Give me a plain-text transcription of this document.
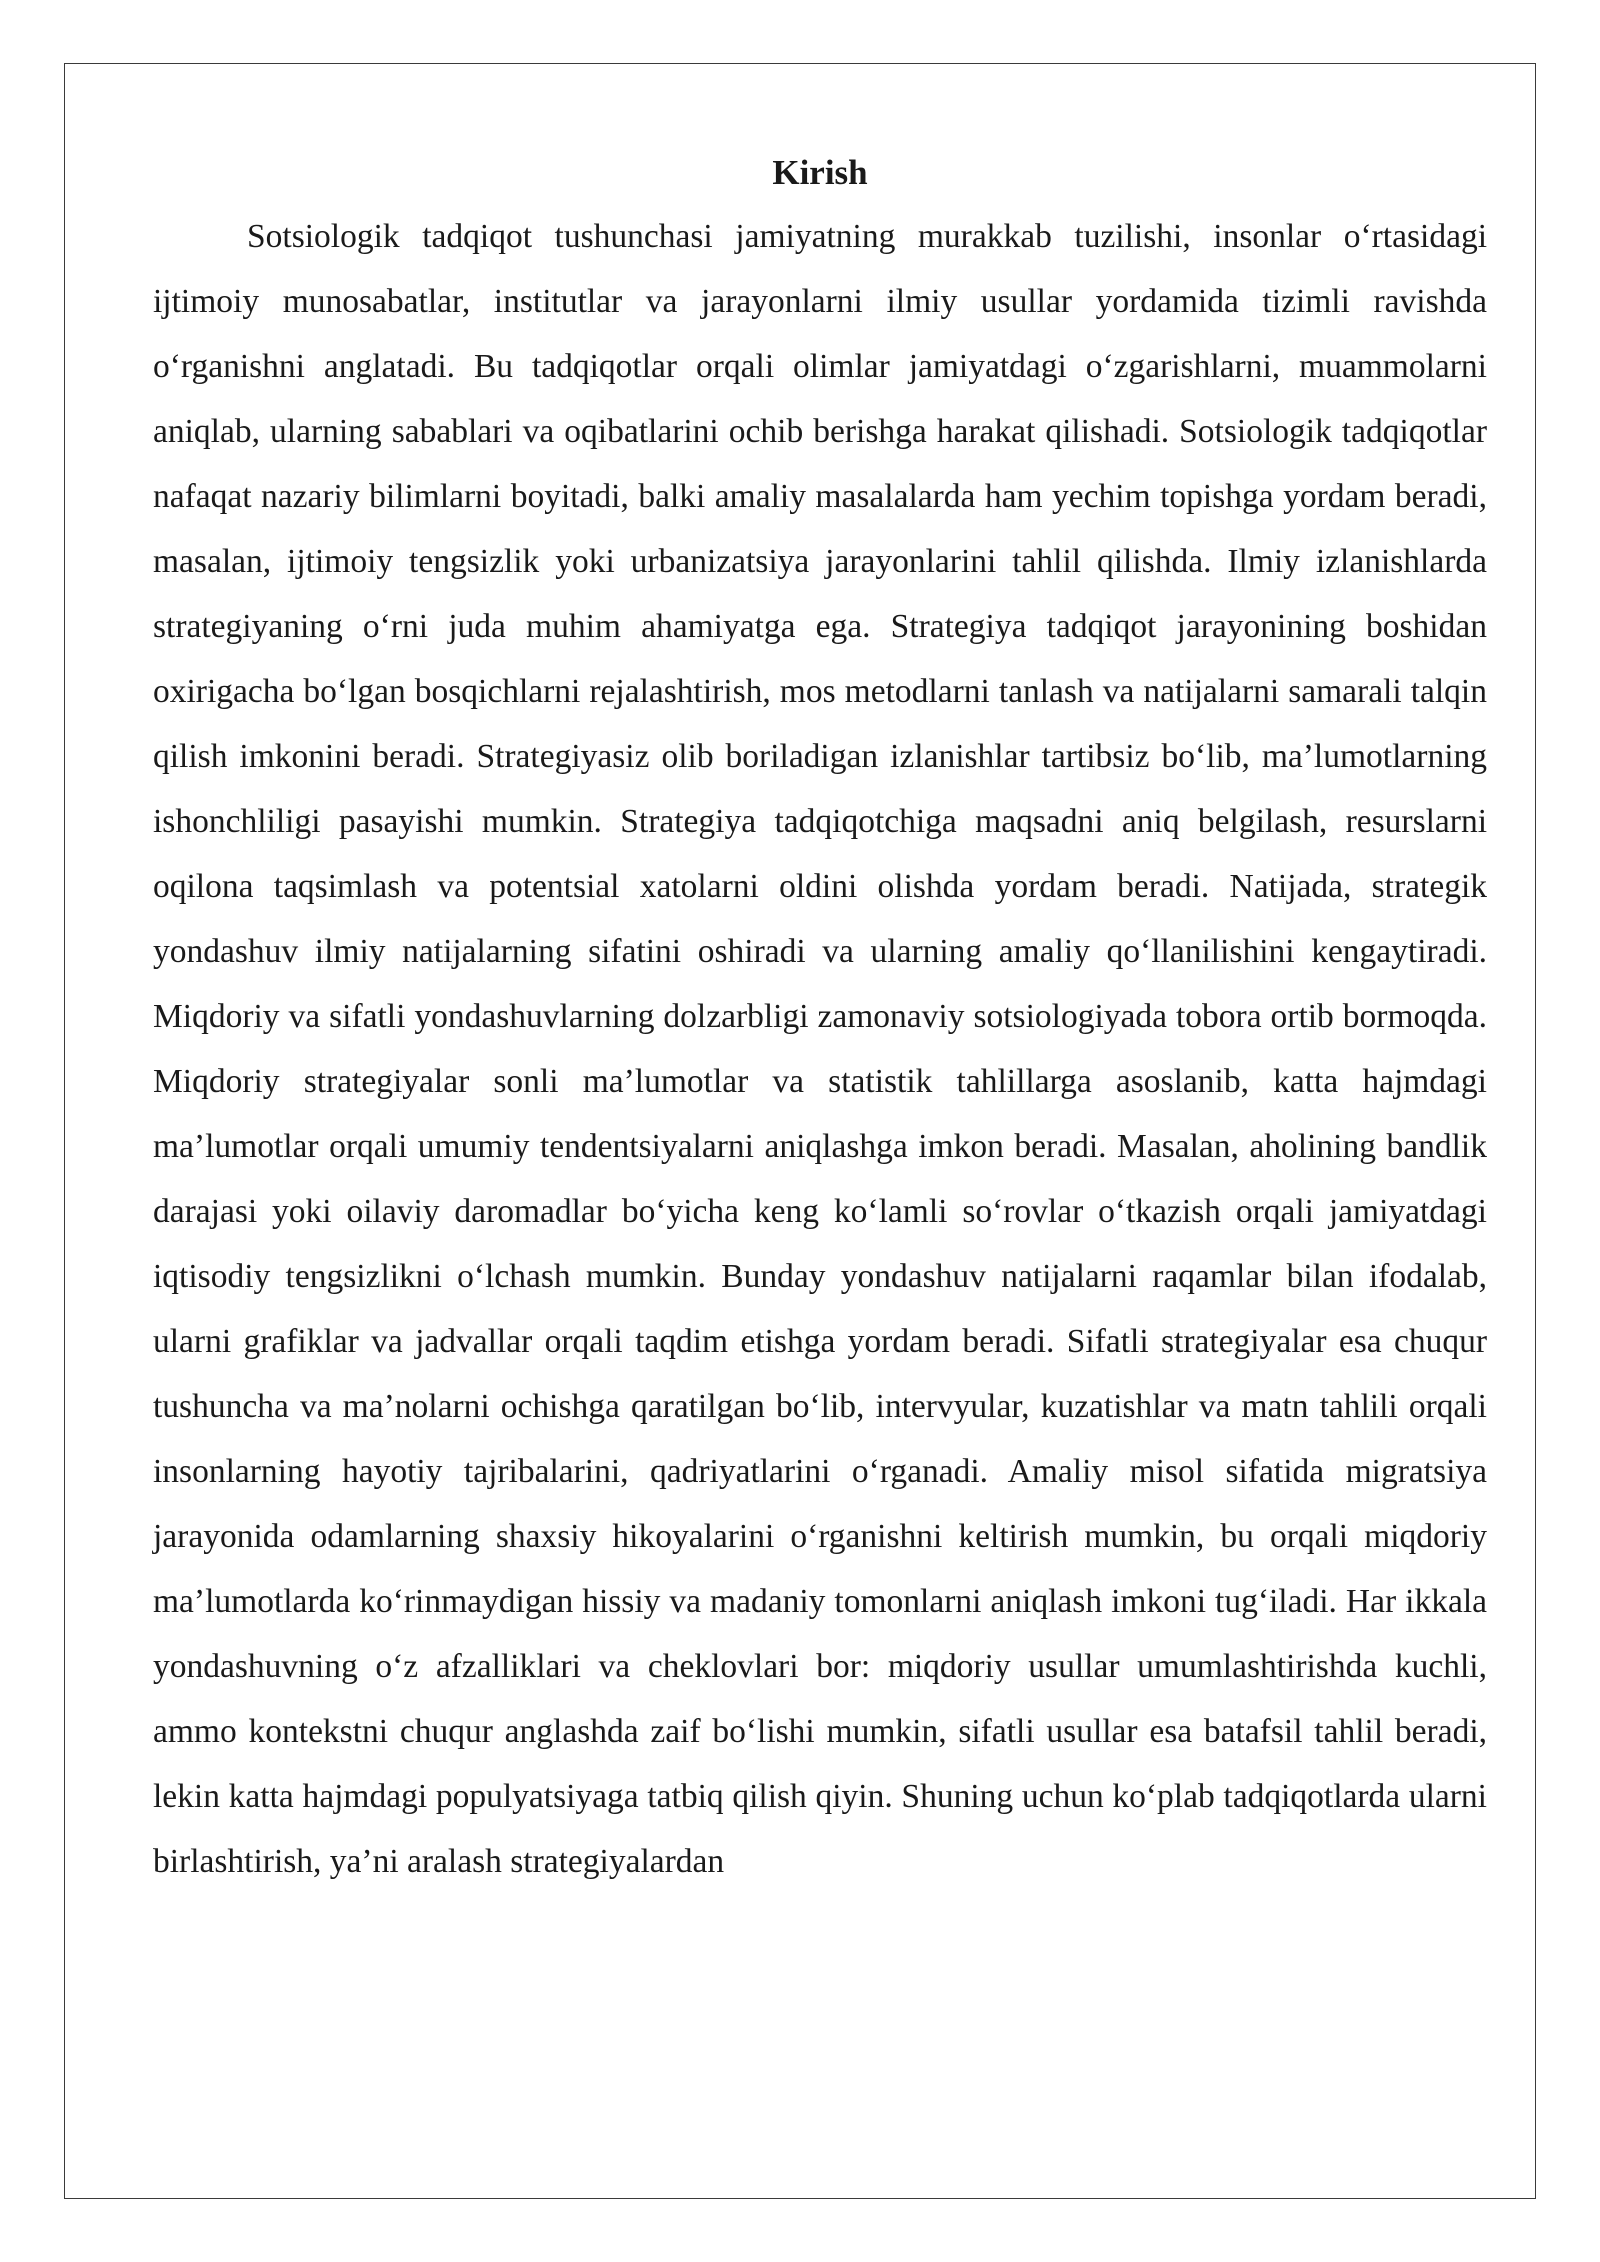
Kirish

Sotsiologik tadqiqot tushunchasi jamiyatning murakkab tuzilishi, insonlar o‘rtasidagi ijtimoiy munosabatlar, institutlar va jarayonlarni ilmiy usullar yordamida tizimli ravishda o‘rganishni anglatadi. Bu tadqiqotlar orqali olimlar jamiyatdagi o‘zgarishlarni, muammolarni aniqlab, ularning sabablari va oqibatlarini ochib berishga harakat qilishadi. Sotsiologik tadqiqotlar nafaqat nazariy bilimlarni boyitadi, balki amaliy masalalarda ham yechim topishga yordam beradi, masalan, ijtimoiy tengsizlik yoki urbanizatsiya jarayonlarini tahlil qilishda. Ilmiy izlanishlarda strategiyaning o‘rni juda muhim ahamiyatga ega. Strategiya tadqiqot jarayonining boshidan oxirigacha bo‘lgan bosqichlarni rejalashtirish, mos metodlarni tanlash va natijalarni samarali talqin qilish imkonini beradi. Strategiyasiz olib boriladigan izlanishlar tartibsiz bo‘lib, ma’lumotlarning ishonchliligi pasayishi mumkin. Strategiya tadqiqotchiga maqsadni aniq belgilash, resurslarni oqilona taqsimlash va potentsial xatolarni oldini olishda yordam beradi. Natijada, strategik yondashuv ilmiy natijalarning sifatini oshiradi va ularning amaliy qo‘llanilishini kengaytiradi. Miqdoriy va sifatli yondashuvlarning dolzarbligi zamonaviy sotsiologiyada tobora ortib bormoqda. Miqdoriy strategiyalar sonli ma’lumotlar va statistik tahlillarga asoslanib, katta hajmdagi ma’lumotlar orqali umumiy tendentsiyalarni aniqlashga imkon beradi. Masalan, aholining bandlik darajasi yoki oilaviy daromadlar bo‘yicha keng ko‘lamli so‘rovlar o‘tkazish orqali jamiyatdagi iqtisodiy tengsizlikni o‘lchash mumkin. Bunday yondashuv natijalarni raqamlar bilan ifodalab, ularni grafiklar va jadvallar orqali taqdim etishga yordam beradi. Sifatli strategiyalar esa chuqur tushuncha va ma’nolarni ochishga qaratilgan bo‘lib, intervyular, kuzatishlar va matn tahlili orqali insonlarning hayotiy tajribalarini, qadriyatlarini o‘rganadi. Amaliy misol sifatida migratsiya jarayonida odamlarning shaxsiy hikoyalarini o‘rganishni keltirish mumkin, bu orqali miqdoriy ma’lumotlarda ko‘rinmaydigan hissiy va madaniy tomonlarni aniqlash imkoni tug‘iladi. Har ikkala yondashuvning o‘z afzalliklari va cheklovlari bor: miqdoriy usullar umumlashtirishda kuchli, ammo kontekstni chuqur anglashda zaif bo‘lishi mumkin, sifatli usullar esa batafsil tahlil beradi, lekin katta hajmdagi populyatsiyaga tatbiq qilish qiyin. Shuning uchun ko‘plab tadqiqotlarda ularni birlashtirish, ya’ni aralash strategiyalardan
